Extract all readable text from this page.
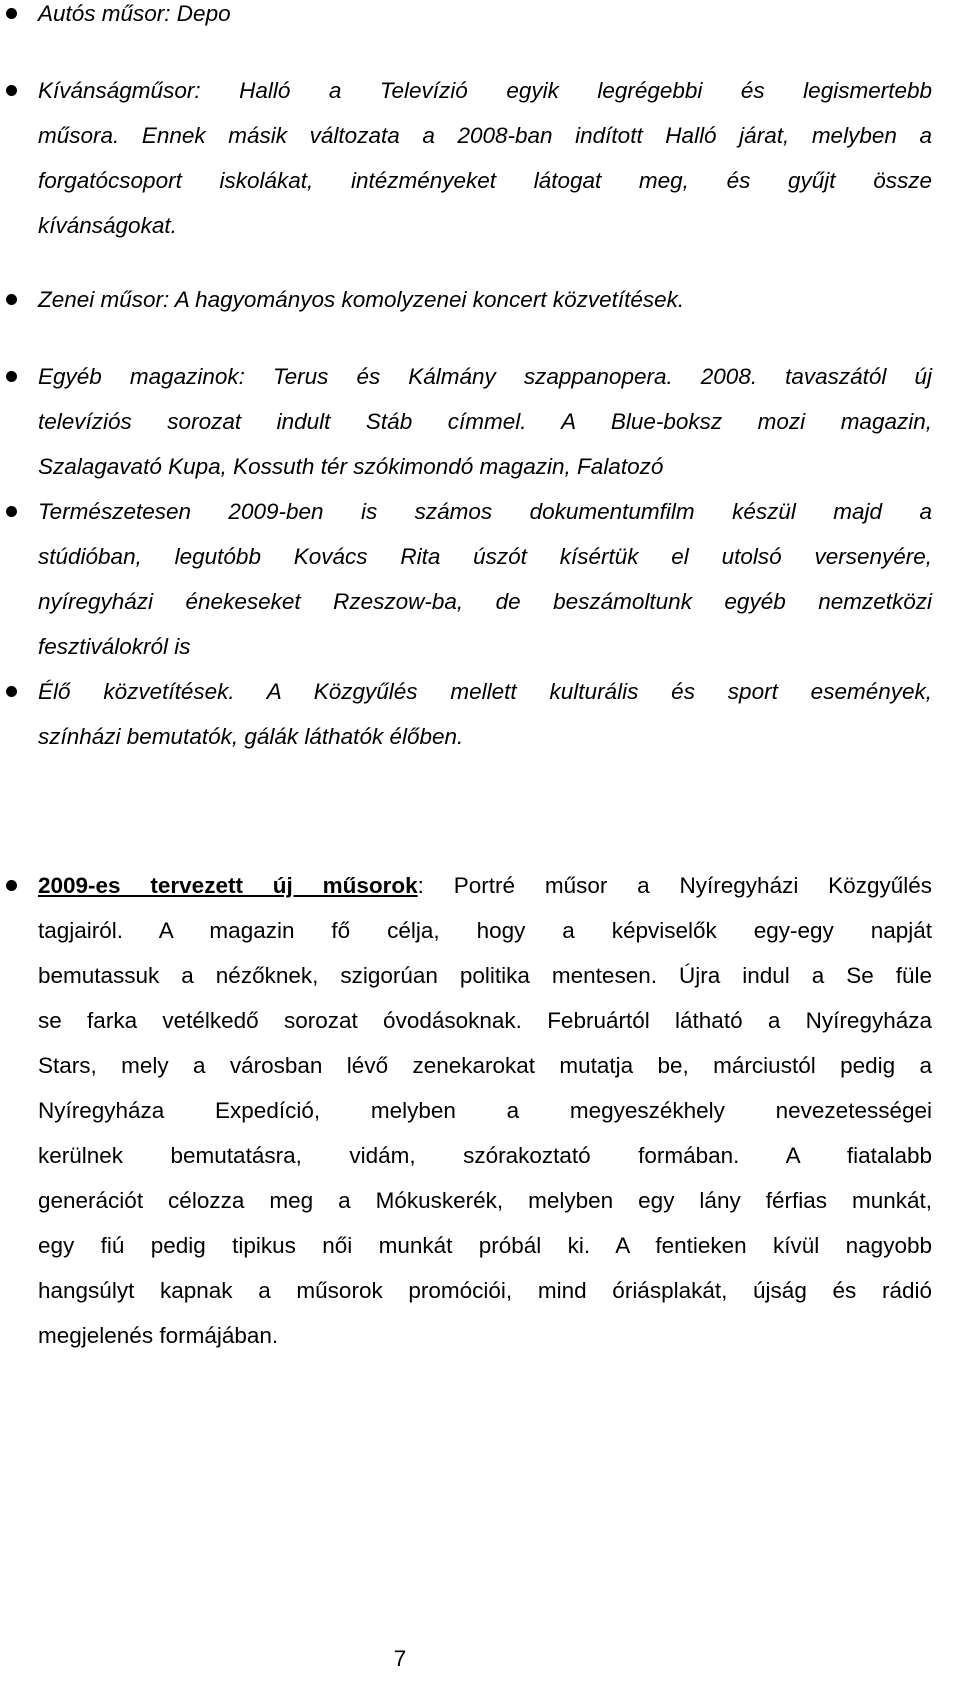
Autós műsor: Depo
Kívánságműsor: Halló a Televízió egyik legrégebbi és legismertebb
műsora. Ennek másik változata a 2008-ban indított Halló járat, melyben a
forgatócsoport iskolákat, intézményeket látogat meg, és gyűjt össze
kívánságokat.
Zenei műsor: A hagyományos komolyzenei koncert közvetítések.
Egyéb magazinok: Terus és Kálmány szappanopera. 2008. tavaszától új
televíziós sorozat indult Stáb címmel. A Blue-boksz mozi magazin,
Szalagavató Kupa, Kossuth tér szókimondó magazin, Falatozó
Természetesen 2009-ben is számos dokumentumfilm készül majd a
stúdióban, legutóbb Kovács Rita úszót kísértük el utolsó versenyére,
nyíregyházi énekeseket Rzeszow-ba, de beszámoltunk egyéb nemzetközi
fesztiválokról is
Élő közvetítések. A Közgyűlés mellett kulturális és sport események,
színházi bemutatók, gálák láthatók élőben.
2009-es tervezett új műsorok: Portré műsor a Nyíregyházi Közgyűlés
tagjairól. A magazin fő célja, hogy a képviselők egy-egy napját
bemutassuk a nézőknek, szigorúan politika mentesen. Újra indul a Se füle
se farka vetélkedő sorozat óvodásoknak. Februártól látható a Nyíregyháza
Stars, mely a városban lévő zenekarokat mutatja be, márciustól pedig a
Nyíregyháza Expedíció, melyben a megyeszékhely nevezetességei
kerülnek bemutatásra, vidám, szórakoztató formában. A fiatalabb
generációt célozza meg a Mókuskerék, melyben egy lány férfias munkát,
egy fiú pedig tipikus női munkát próbál ki. A fentieken kívül nagyobb
hangsúlyt kapnak a műsorok promóciói, mind óriásplakát, újság és rádió
megjelenés formájában.
7
